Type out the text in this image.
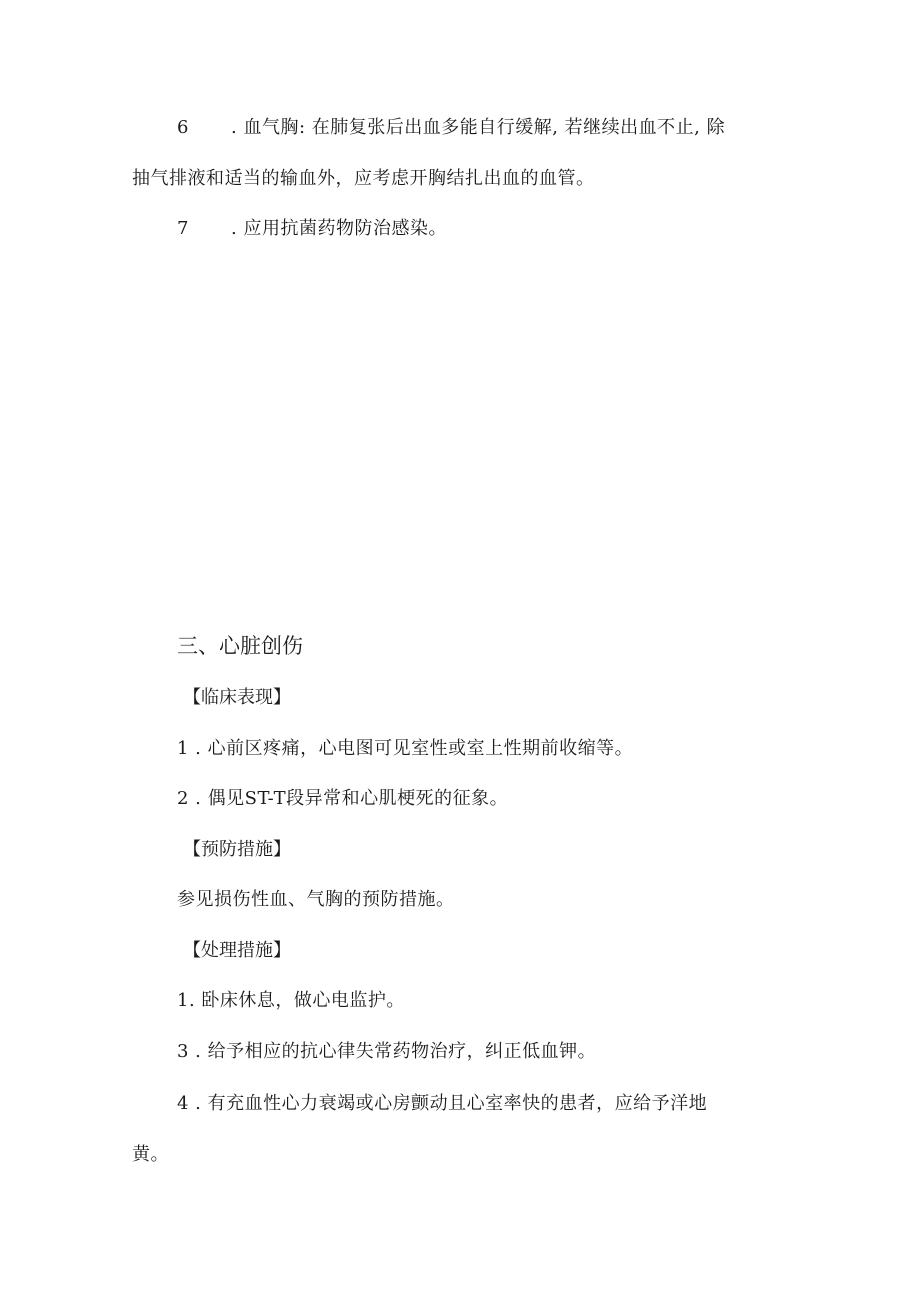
6 . 血气胸: 在肺复张后出血多能自行缓解, 若继续出血不止, 除
抽气排液和适当的输血外，应考虑开胸结扎出血的血管。
7 . 应用抗菌药物防治感染。
三、心脏创伤
【临床表现】
1 . 心前区疼痛，心电图可见室性或室上性期前收缩等。
2 . 偶见ST-T段异常和心肌梗死的征象。
【预防措施】
参见损伤性血、气胸的预防措施。
【处理措施】
1. 卧床休息，做心电监护。
3 . 给予相应的抗心律失常药物治疗，纠正低血钾。
4 . 有充血性心力衰竭或心房颤动且心室率快的患者，应给予洋地
黄。
